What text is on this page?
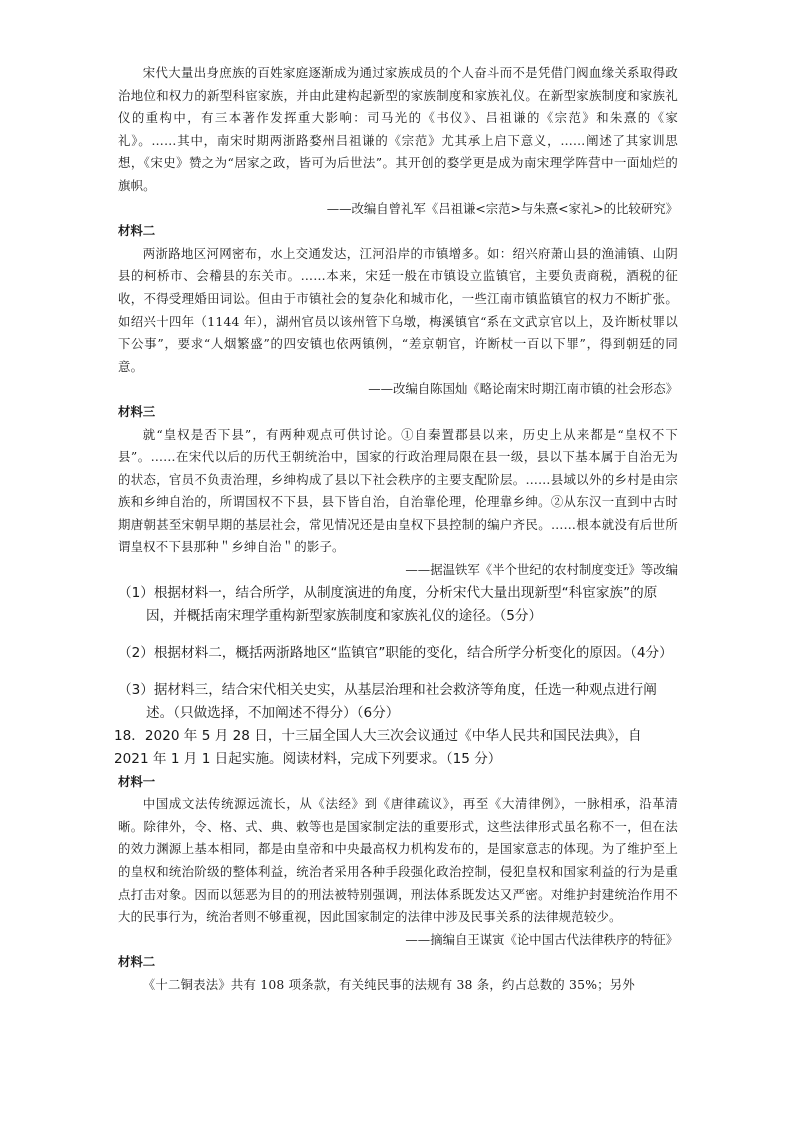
宋代大量出身庶族的百姓家庭逐渐成为通过家族成员的个人奋斗而不是凭借门阀血缘关系取得政治地位和权力的新型科宦家族，并由此建构起新型的家族制度和家族礼仪。在新型家族制度和家族礼仪的重构中，有三本著作发挥重大影响：司马光的《书仪》、吕祖谦的《宗范》和朱熹的《家礼》。……其中，南宋时期两浙路婺州吕祖谦的《宗范》尤其承上启下意义，……阐述了其家训思想，《宋史》赞之为“居家之政，皆可为后世法”。其开创的婺学更是成为南宋理学阵营中一面灿烂的旗帜。

——改编自曾礼军《吕祖谦<宗范>与朱熹<家礼>的比较研究》

材料二

两浙路地区河网密布，水上交通发达，江河沿岸的市镇增多。如：绍兴府萧山县的渔浦镇、山阴县的柯桥市、会稽县的东关市。……本来，宋廷一般在市镇设立监镇官，主要负责商税，酒税的征收，不得受理婚田词讼。但由于市镇社会的复杂化和城市化，一些江南市镇监镇官的权力不断扩张。如绍兴十四年（1144 年），湖州官员以该州管下乌墩，梅溪镇官“系在文武京官以上，及许断杖罪以下公事”，要求“人烟繁盛”的四安镇也依两镇例，“差京朝官，许断杖一百以下罪”，得到朝廷的同意。

——改编自陈国灿《略论南宋时期江南市镇的社会形态》

材料三

就“皇权是否下县”，有两种观点可供讨论。①自秦置郡县以来，历史上从来都是“皇权不下县”。……在宋代以后的历代王朝统治中，国家的行政治理局限在县一级，县以下基本属于自治无为的状态，官员不负责治理，乡绅构成了县以下社会秩序的主要支配阶层。……县域以外的乡村是由宗族和乡绅自治的，所谓国权不下县，县下皆自治，自治靠伦理，伦理靠乡绅。②从东汉一直到中古时期唐朝甚至宋朝早期的基层社会，常见情况还是由皇权下县控制的编户齐民。……根本就没有后世所谓皇权不下县那种＂乡绅自治＂的影子。

——据温铁军《半个世纪的农村制度变迁》等改编

（1）根据材料一，结合所学，从制度演进的角度，分析宋代大量出现新型“科宦家族”的原因，并概括南宋理学重构新型家族制度和家族礼仪的途径。（5分）

（2）根据材料二，概括两浙路地区“监镇官”职能的变化，结合所学分析变化的原因。（4分）

（3）据材料三，结合宋代相关史实，从基层治理和社会救济等角度，任选一种观点进行阐述。（只做选择，不加阐述不得分）（6分）

18．2020 年 5 月 28 日，十三届全国人大三次会议通过《中华人民共和国民法典》，自 2021 年 1 月 1 日起实施。阅读材料，完成下列要求。（15 分）

材料一

中国成文法传统源远流长，从《法经》到《唐律疏议》，再至《大清律例》，一脉相承，沿革清晰。除律外，令、格、式、典、敕等也是国家制定法的重要形式，这些法律形式虽名称不一，但在法的效力渊源上基本相同，都是由皇帝和中央最高权力机构发布的，是国家意志的体现。为了维护至上的皇权和统治阶级的整体利益，统治者采用各种手段强化政治控制，侵犯皇权和国家利益的行为是重点打击对象。因而以惩恶为目的的刑法被特别强调，刑法体系既发达又严密。对维护封建统治作用不大的民事行为，统治者则不够重视，因此国家制定的法律中涉及民事关系的法律规范较少。

——摘编自王谋寅《论中国古代法律秩序的特征》

材料二

《十二铜表法》共有 108 项条款，有关纯民事的法规有 38 条，约占总数的 35%；另外
